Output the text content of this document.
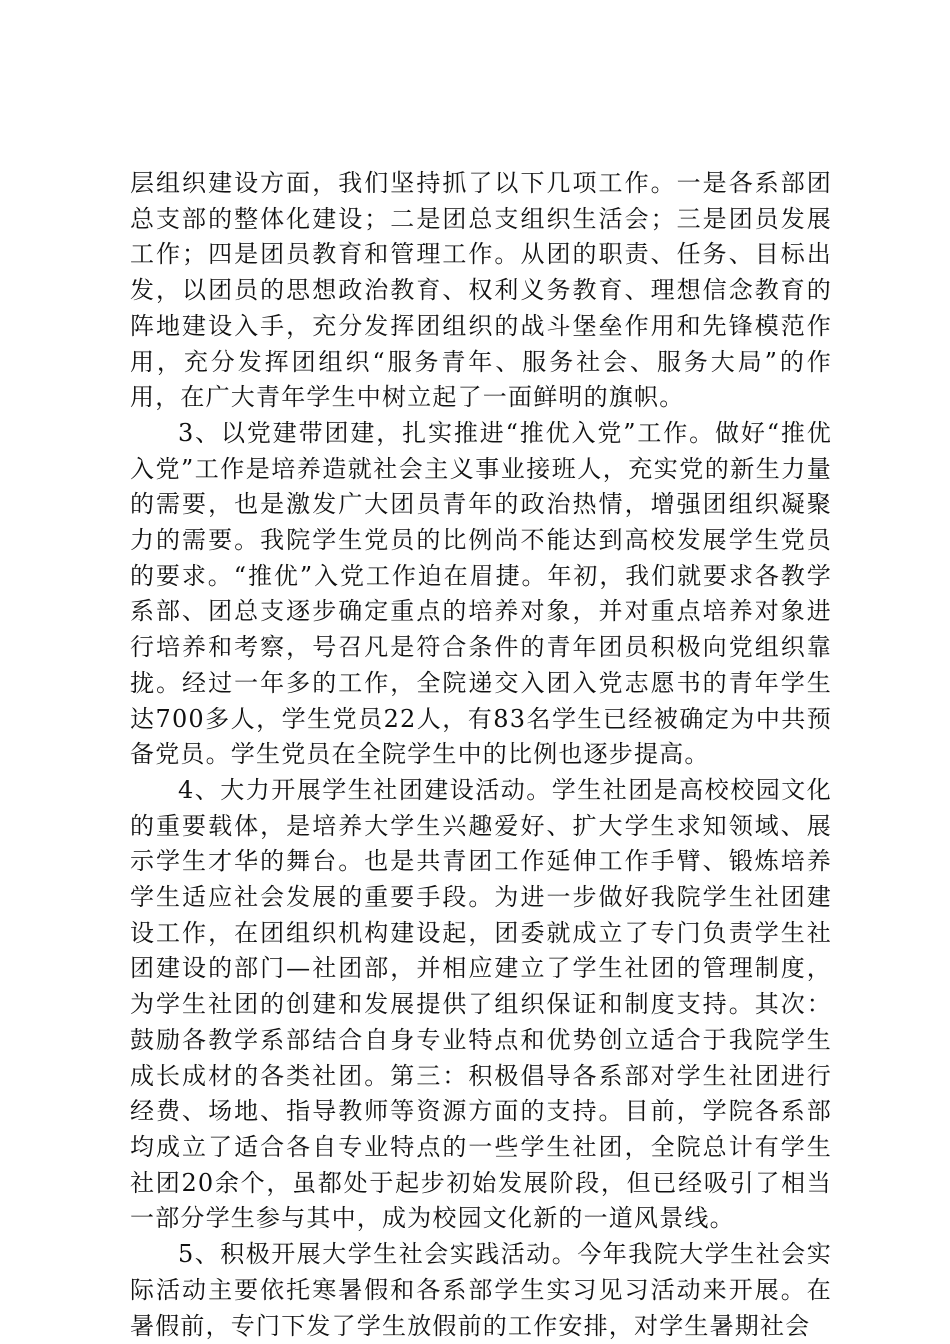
层组织建设方面，我们坚持抓了以下几项工作。一是各系部团总支部的整体化建设；二是团总支组织生活会；三是团员发展工作；四是团员教育和管理工作。从团的职责、任务、目标出发，以团员的思想政治教育、权利义务教育、理想信念教育的阵地建设入手，充分发挥团组织的战斗堡垒作用和先锋模范作用，充分发挥团组织“服务青年、服务社会、服务大局”的作用，在广大青年学生中树立起了一面鲜明的旗帜。

3、以党建带团建，扎实推进“推优入党”工作。做好“推优入党”工作是培养造就社会主义事业接班人，充实党的新生力量的需要，也是激发广大团员青年的政治热情，增强团组织凝聚力的需要。我院学生党员的比例尚不能达到高校发展学生党员的要求。“推优”入党工作迫在眉捷。年初，我们就要求各教学系部、团总支逐步确定重点的培养对象，并对重点培养对象进行培养和考察，号召凡是符合条件的青年团员积极向党组织靠拢。经过一年多的工作，全院递交入团入党志愿书的青年学生达700多人，学生党员22人，有83名学生已经被确定为中共预备党员。学生党员在全院学生中的比例也逐步提高。

4、大力开展学生社团建设活动。学生社团是高校校园文化的重要载体，是培养大学生兴趣爱好、扩大学生求知领域、展示学生才华的舞台。也是共青团工作延伸工作手臂、锻炼培养学生适应社会发展的重要手段。为进一步做好我院学生社团建设工作，在团组织机构建设起，团委就成立了专门负责学生社团建设的部门—社团部，并相应建立了学生社团的管理制度，为学生社团的创建和发展提供了组织保证和制度支持。其次：鼓励各教学系部结合自身专业特点和优势创立适合于我院学生成长成材的各类社团。第三：积极倡导各系部对学生社团进行经费、场地、指导教师等资源方面的支持。目前，学院各系部均成立了适合各自专业特点的一些学生社团，全院总计有学生社团20余个，虽都处于起步初始发展阶段，但已经吸引了相当一部分学生参与其中，成为校园文化新的一道风景线。

5、积极开展大学生社会实践活动。今年我院大学生社会实际活动主要依托寒暑假和各系部学生实习见习活动来开展。在暑假前，专门下发了学生放假前的工作安排，对学生暑期社会
